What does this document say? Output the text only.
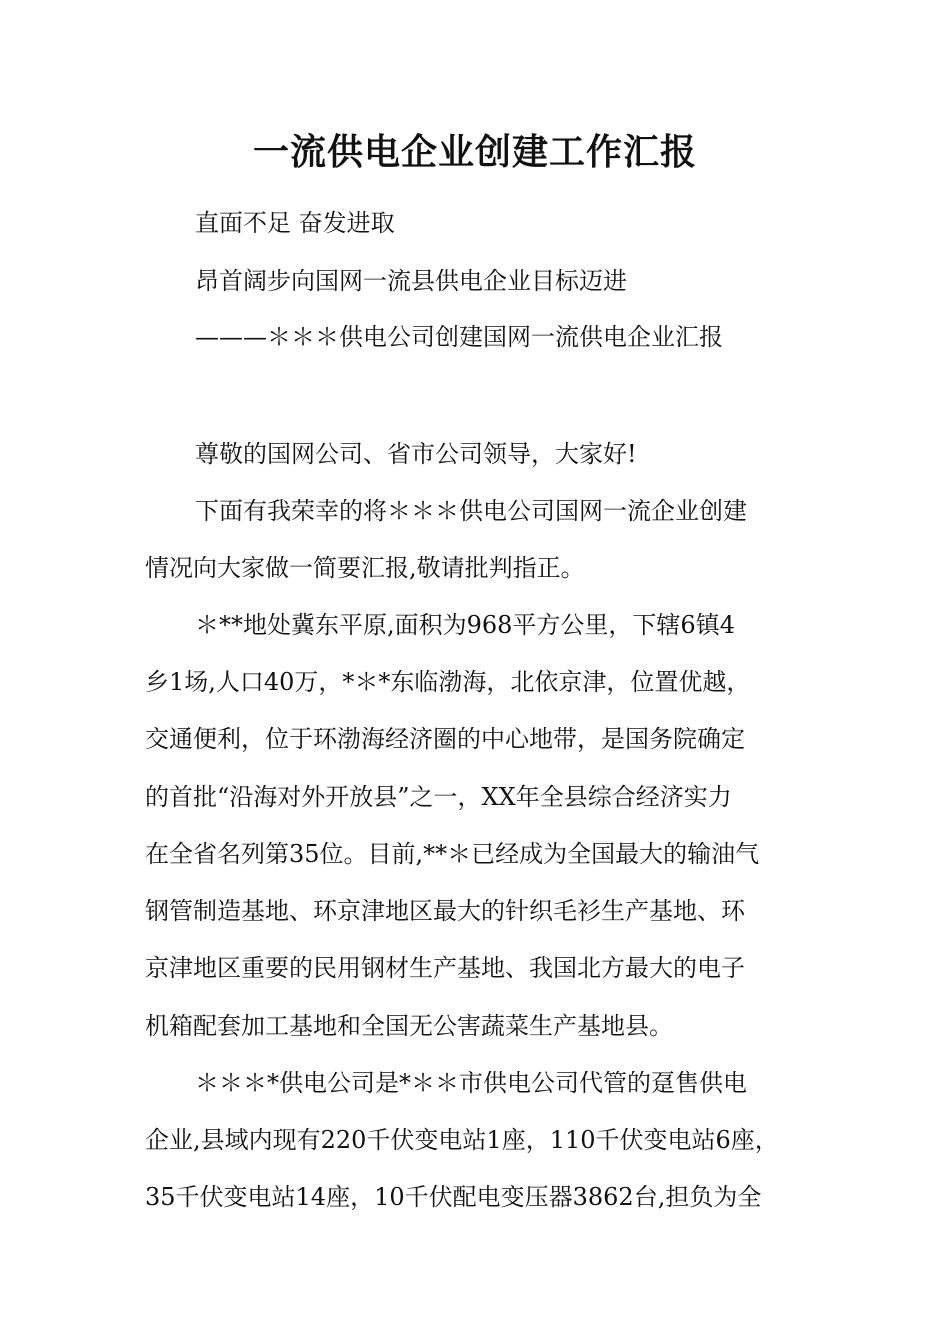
一流供电企业创建工作汇报
直面不足 奋发进取
昂首阔步向国网一流县供电企业目标迈进
———＊＊＊供电公司创建国网一流供电企业汇报
尊敬的国网公司、省市公司领导，大家好!
下面有我荣幸的将＊＊＊供电公司国网一流企业创建
情况向大家做一简要汇报,敬请批判指正。
＊**地处冀东平原,面积为968平方公里，下辖6镇4
乡1场,人口40万，*＊*东临渤海，北依京津，位置优越，
交通便利，位于环渤海经济圈的中心地带，是国务院确定
的首批“沿海对外开放县”之一，XX年全县综合经济实力
在全省名列第35位。目前,**＊已经成为全国最大的输油气
钢管制造基地、环京津地区最大的针织毛衫生产基地、环
京津地区重要的民用钢材生产基地、我国北方最大的电子
机箱配套加工基地和全国无公害蔬菜生产基地县。
＊＊＊*供电公司是*＊＊市供电公司代管的趸售供电
企业,县域内现有220千伏变电站1座，110千伏变电站6座，
35千伏变电站14座，10千伏配电变压器3862台,担负为全
